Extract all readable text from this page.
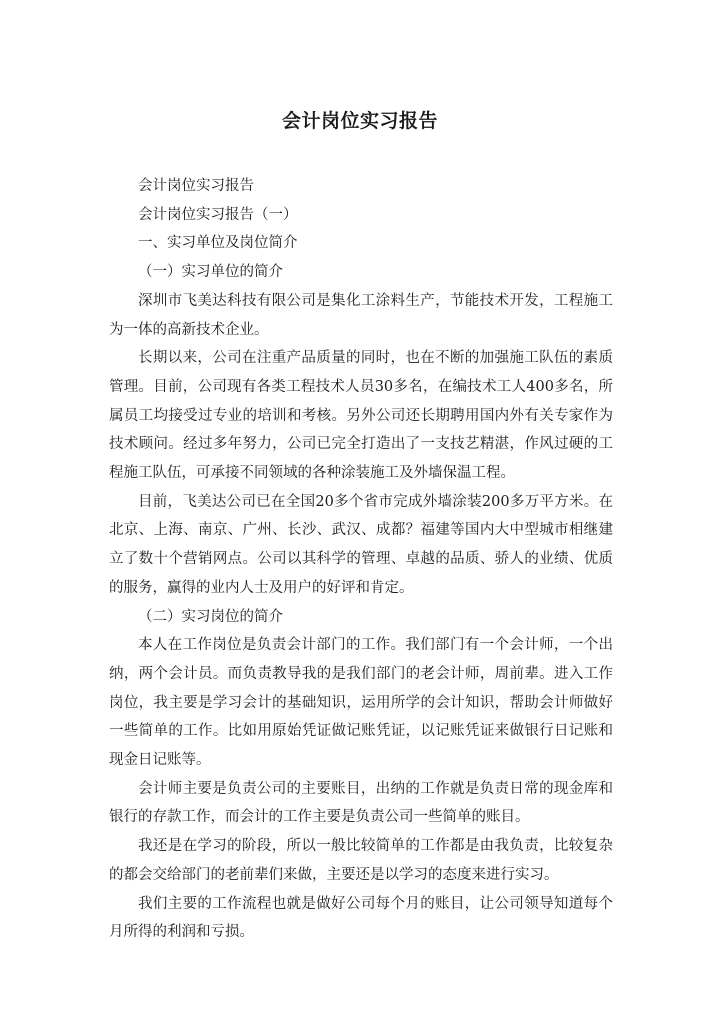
会计岗位实习报告

会计岗位实习报告

会计岗位实习报告（一）

一、实习单位及岗位简介

（一）实习单位的简介

深圳市飞美达科技有限公司是集化工涂料生产，节能技术开发，工程施工为一体的高新技术企业。

长期以来，公司在注重产品质量的同时，也在不断的加强施工队伍的素质管理。目前，公司现有各类工程技术人员30多名，在编技术工人400多名，所属员工均接受过专业的培训和考核。另外公司还长期聘用国内外有关专家作为技术顾问。经过多年努力，公司已完全打造出了一支技艺精湛，作风过硬的工程施工队伍，可承接不同领域的各种涂装施工及外墙保温工程。

目前，飞美达公司已在全国20多个省市完成外墙涂装200多万平方米。在北京、上海、南京、广州、长沙、武汉、成都？福建等国内大中型城市相继建立了数十个营销网点。公司以其科学的管理、卓越的品质、骄人的业绩、优质的服务，赢得的业内人士及用户的好评和肯定。

（二）实习岗位的简介

本人在工作岗位是负责会计部门的工作。我们部门有一个会计师，一个出纳，两个会计员。而负责教导我的是我们部门的老会计师，周前辈。进入工作岗位，我主要是学习会计的基础知识，运用所学的会计知识，帮助会计师做好一些简单的工作。比如用原始凭证做记账凭证，以记账凭证来做银行日记账和现金日记账等。

会计师主要是负责公司的主要账目，出纳的工作就是负责日常的现金库和银行的存款工作，而会计的工作主要是负责公司一些简单的账目。

我还是在学习的阶段，所以一般比较简单的工作都是由我负责，比较复杂的都会交给部门的老前辈们来做，主要还是以学习的态度来进行实习。

我们主要的工作流程也就是做好公司每个月的账目，让公司领导知道每个月所得的利润和亏损。
